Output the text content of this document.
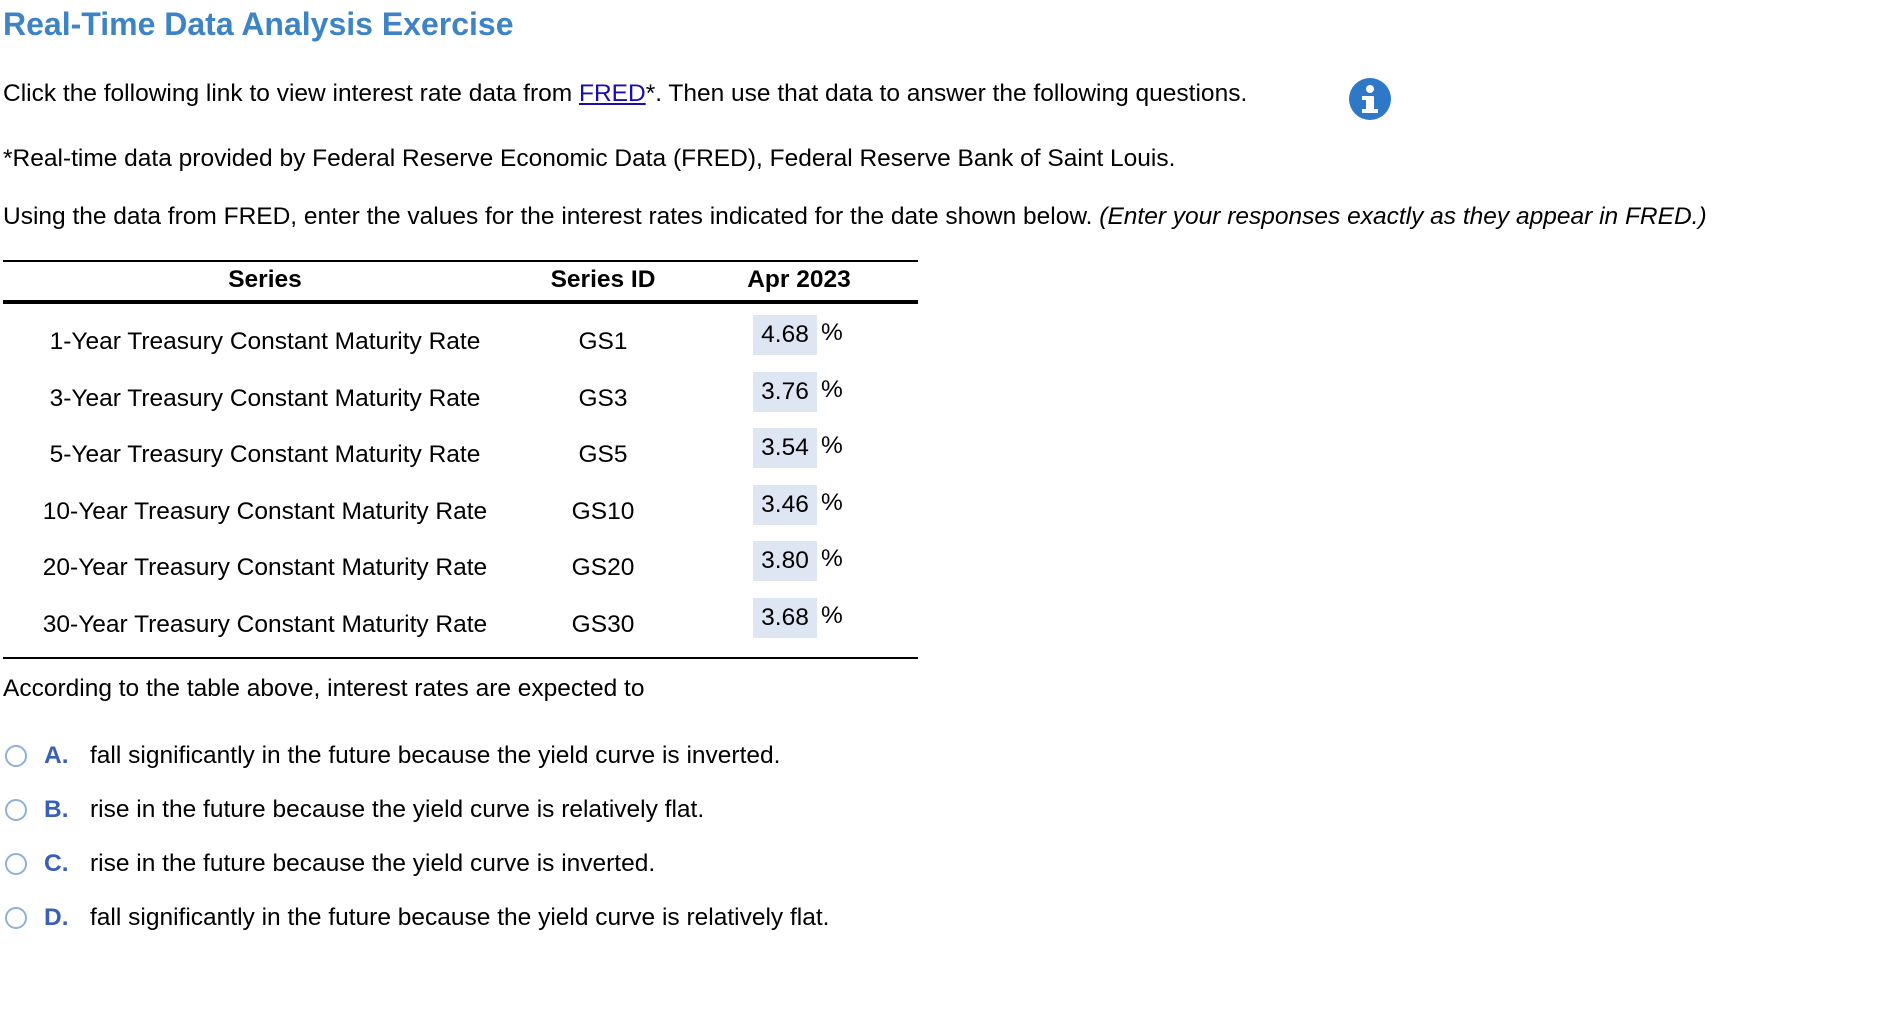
Real-Time Data Analysis Exercise
Click the following link to view interest rate data from FRED*. Then use that data to answer the following questions.
*Real-time data provided by Federal Reserve Economic Data (FRED), Federal Reserve Bank of Saint Louis.
Using the data from FRED, enter the values for the interest rates indicated for the date shown below. (Enter your responses exactly as they appear in FRED.)
Series	Series ID	Apr 2023
1-Year Treasury Constant Maturity Rate	GS1	4.68 %
3-Year Treasury Constant Maturity Rate	GS3	3.76 %
5-Year Treasury Constant Maturity Rate	GS5	3.54 %
10-Year Treasury Constant Maturity Rate	GS10	3.46 %
20-Year Treasury Constant Maturity Rate	GS20	3.80 %
30-Year Treasury Constant Maturity Rate	GS30	3.68 %
According to the table above, interest rates are expected to
A. fall significantly in the future because the yield curve is inverted.
B. rise in the future because the yield curve is relatively flat.
C. rise in the future because the yield curve is inverted.
D. fall significantly in the future because the yield curve is relatively flat.
